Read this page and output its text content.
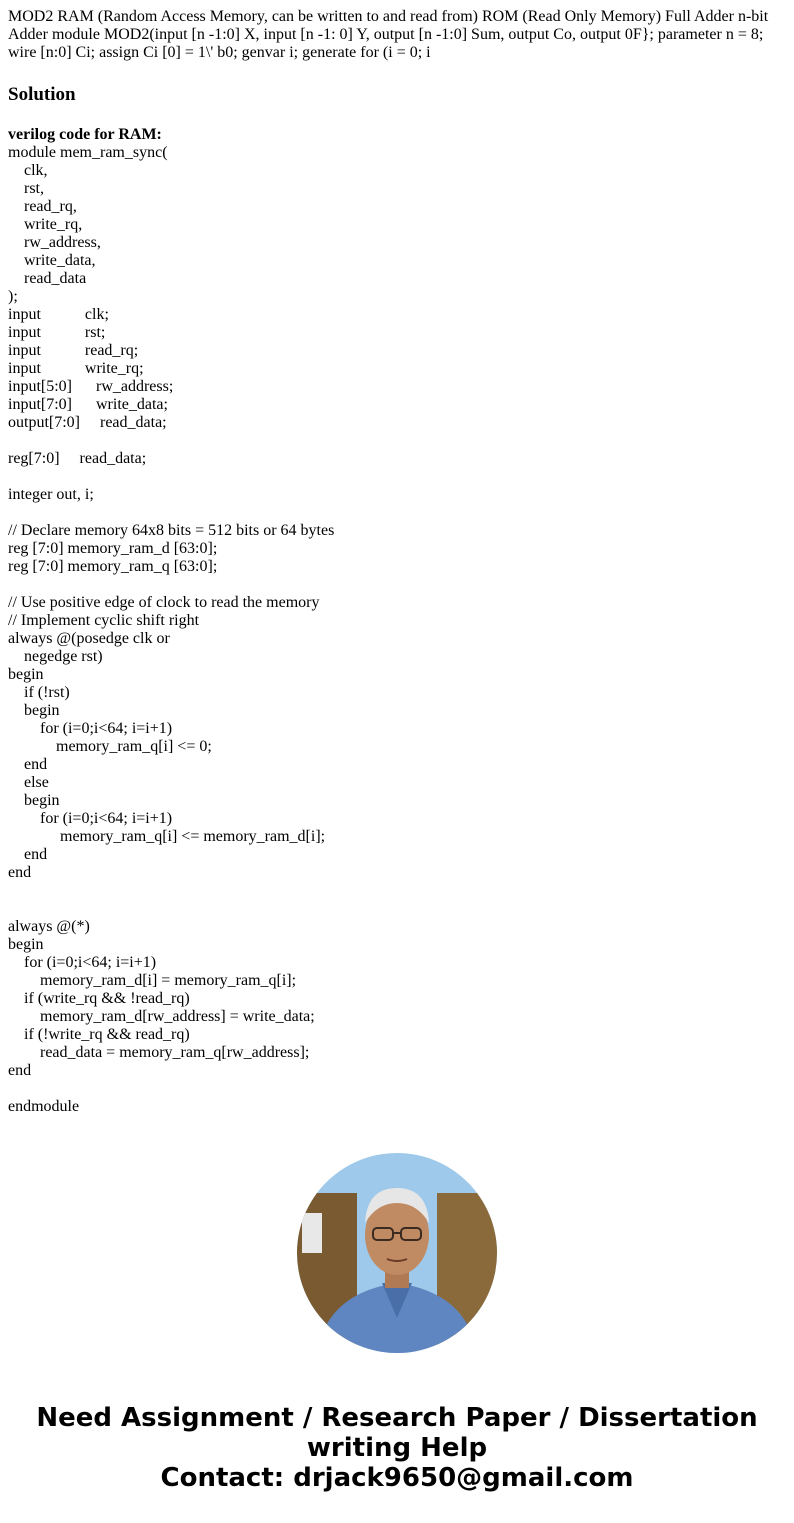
MOD2 RAM (Random Access Memory, can be written to and read from) ROM (Read Only Memory) Full Adder n-bit Adder module MOD2(input [n -1:0] X, input [n -1: 0] Y, output [n -1:0] Sum, output Co, output 0F}; parameter n = 8; wire [n:0] Ci; assign Ci [0] = 1\' b0; genvar i; generate for (i = 0; i

Solution
verilog code for RAM:
module mem_ram_sync(
clk,
rst,
read_rq,
write_rq,
rw_address,
write_data,
read_data
);
input           clk;
input           rst;
input           read_rq;
input           write_rq;
input[5:0]      rw_address;
input[7:0]      write_data;
output[7:0]     read_data;
reg[7:0]     read_data;
integer out, i;
// Declare memory 64x8 bits = 512 bits or 64 bytes
reg [7:0] memory_ram_d [63:0];
reg [7:0] memory_ram_q [63:0];
// Use positive edge of clock to read the memory
// Implement cyclic shift right
always @(posedge clk or
negedge rst)
begin
if (!rst)
begin
for (i=0;i<64; i=i+1)
memory_ram_q[i] <= 0;
end
else
begin
for (i=0;i<64; i=i+1)
memory_ram_q[i] <= memory_ram_d[i];
end
end
always @(*)
begin
for (i=0;i<64; i=i+1)
memory_ram_d[i] = memory_ram_q[i];
if (write_rq && !read_rq)
memory_ram_d[rw_address] = write_data;
if (!write_rq && read_rq)
read_data = memory_ram_q[rw_address];
end
endmodule
Need Assignment / Research Paper / Dissertation
writing Help
Contact: drjack9650@gmail.com
